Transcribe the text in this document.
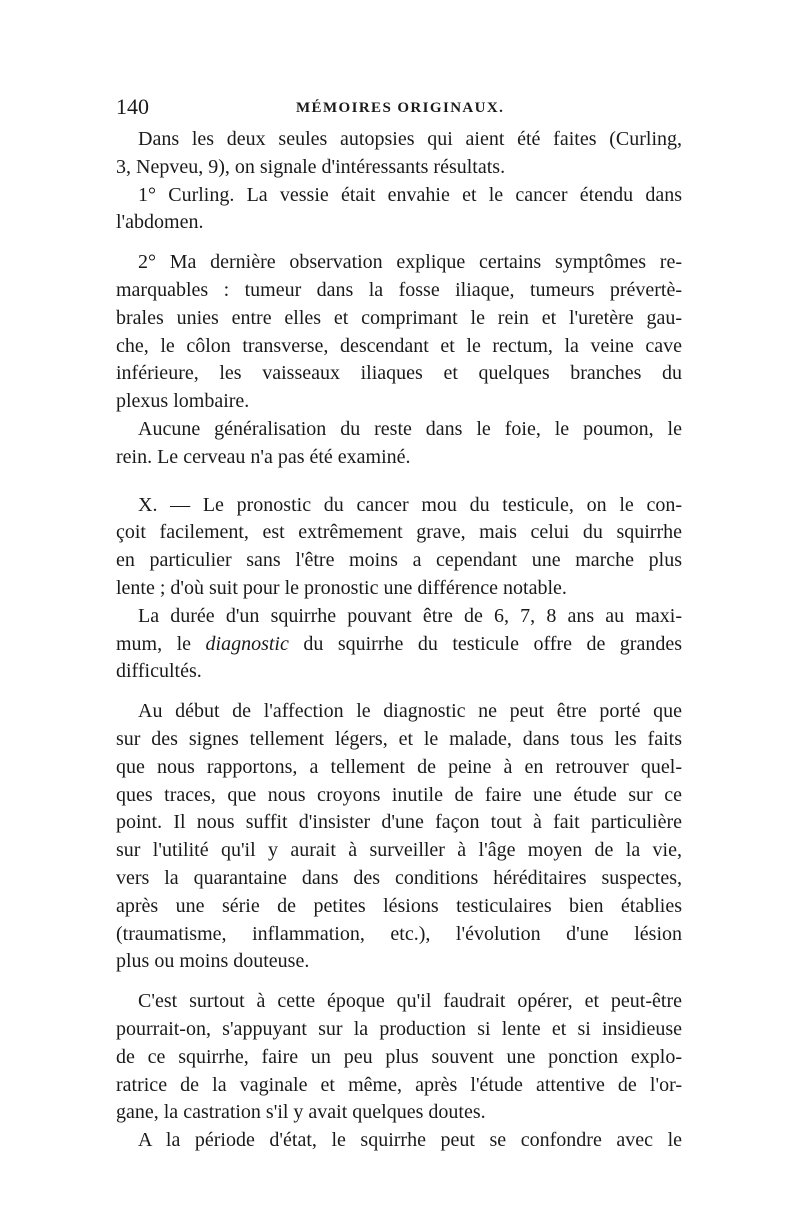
140	MÉMOIRES ORIGINAUX.
Dans les deux seules autopsies qui aient été faites (Curling,
3, Nepveu, 9), on signale d'intéressants résultats.
1° Curling. La vessie était envahie et le cancer étendu dans
l'abdomen.
2° Ma dernière observation explique certains symptômes re-
marquables : tumeur dans la fosse iliaque, tumeurs prévertè-
brales unies entre elles et comprimant le rein et l'uretère gau-
che, le côlon transverse, descendant et le rectum, la veine cave
inférieure, les vaisseaux iliaques et quelques branches du
plexus lombaire.
Aucune généralisation du reste dans le foie, le poumon, le
rein. Le cerveau n'a pas été examiné.
X. — Le pronostic du cancer mou du testicule, on le con-
çoit facilement, est extrêmement grave, mais celui du squirrhe
en particulier sans l'être moins a cependant une marche plus
lente ; d'où suit pour le pronostic une différence notable.
La durée d'un squirrhe pouvant être de 6, 7, 8 ans au maxi-
mum, le diagnostic du squirrhe du testicule offre de grandes
difficultés.
Au début de l'affection le diagnostic ne peut être porté que
sur des signes tellement légers, et le malade, dans tous les faits
que nous rapportons, a tellement de peine à en retrouver quel-
ques traces, que nous croyons inutile de faire une étude sur ce
point. Il nous suffit d'insister d'une façon tout à fait particulière
sur l'utilité qu'il y aurait à surveiller à l'âge moyen de la vie,
vers la quarantaine dans des conditions héréditaires suspectes,
après une série de petites lésions testiculaires bien établies
(traumatisme, inflammation, etc.), l'évolution d'une lésion
plus ou moins douteuse.
C'est surtout à cette époque qu'il faudrait opérer, et peut-être
pourrait-on, s'appuyant sur la production si lente et si insidieuse
de ce squirrhe, faire un peu plus souvent une ponction explo-
ratrice de la vaginale et même, après l'étude attentive de l'or-
gane, la castration s'il y avait quelques doutes.
A la période d'état, le squirrhe peut se confondre avec le
